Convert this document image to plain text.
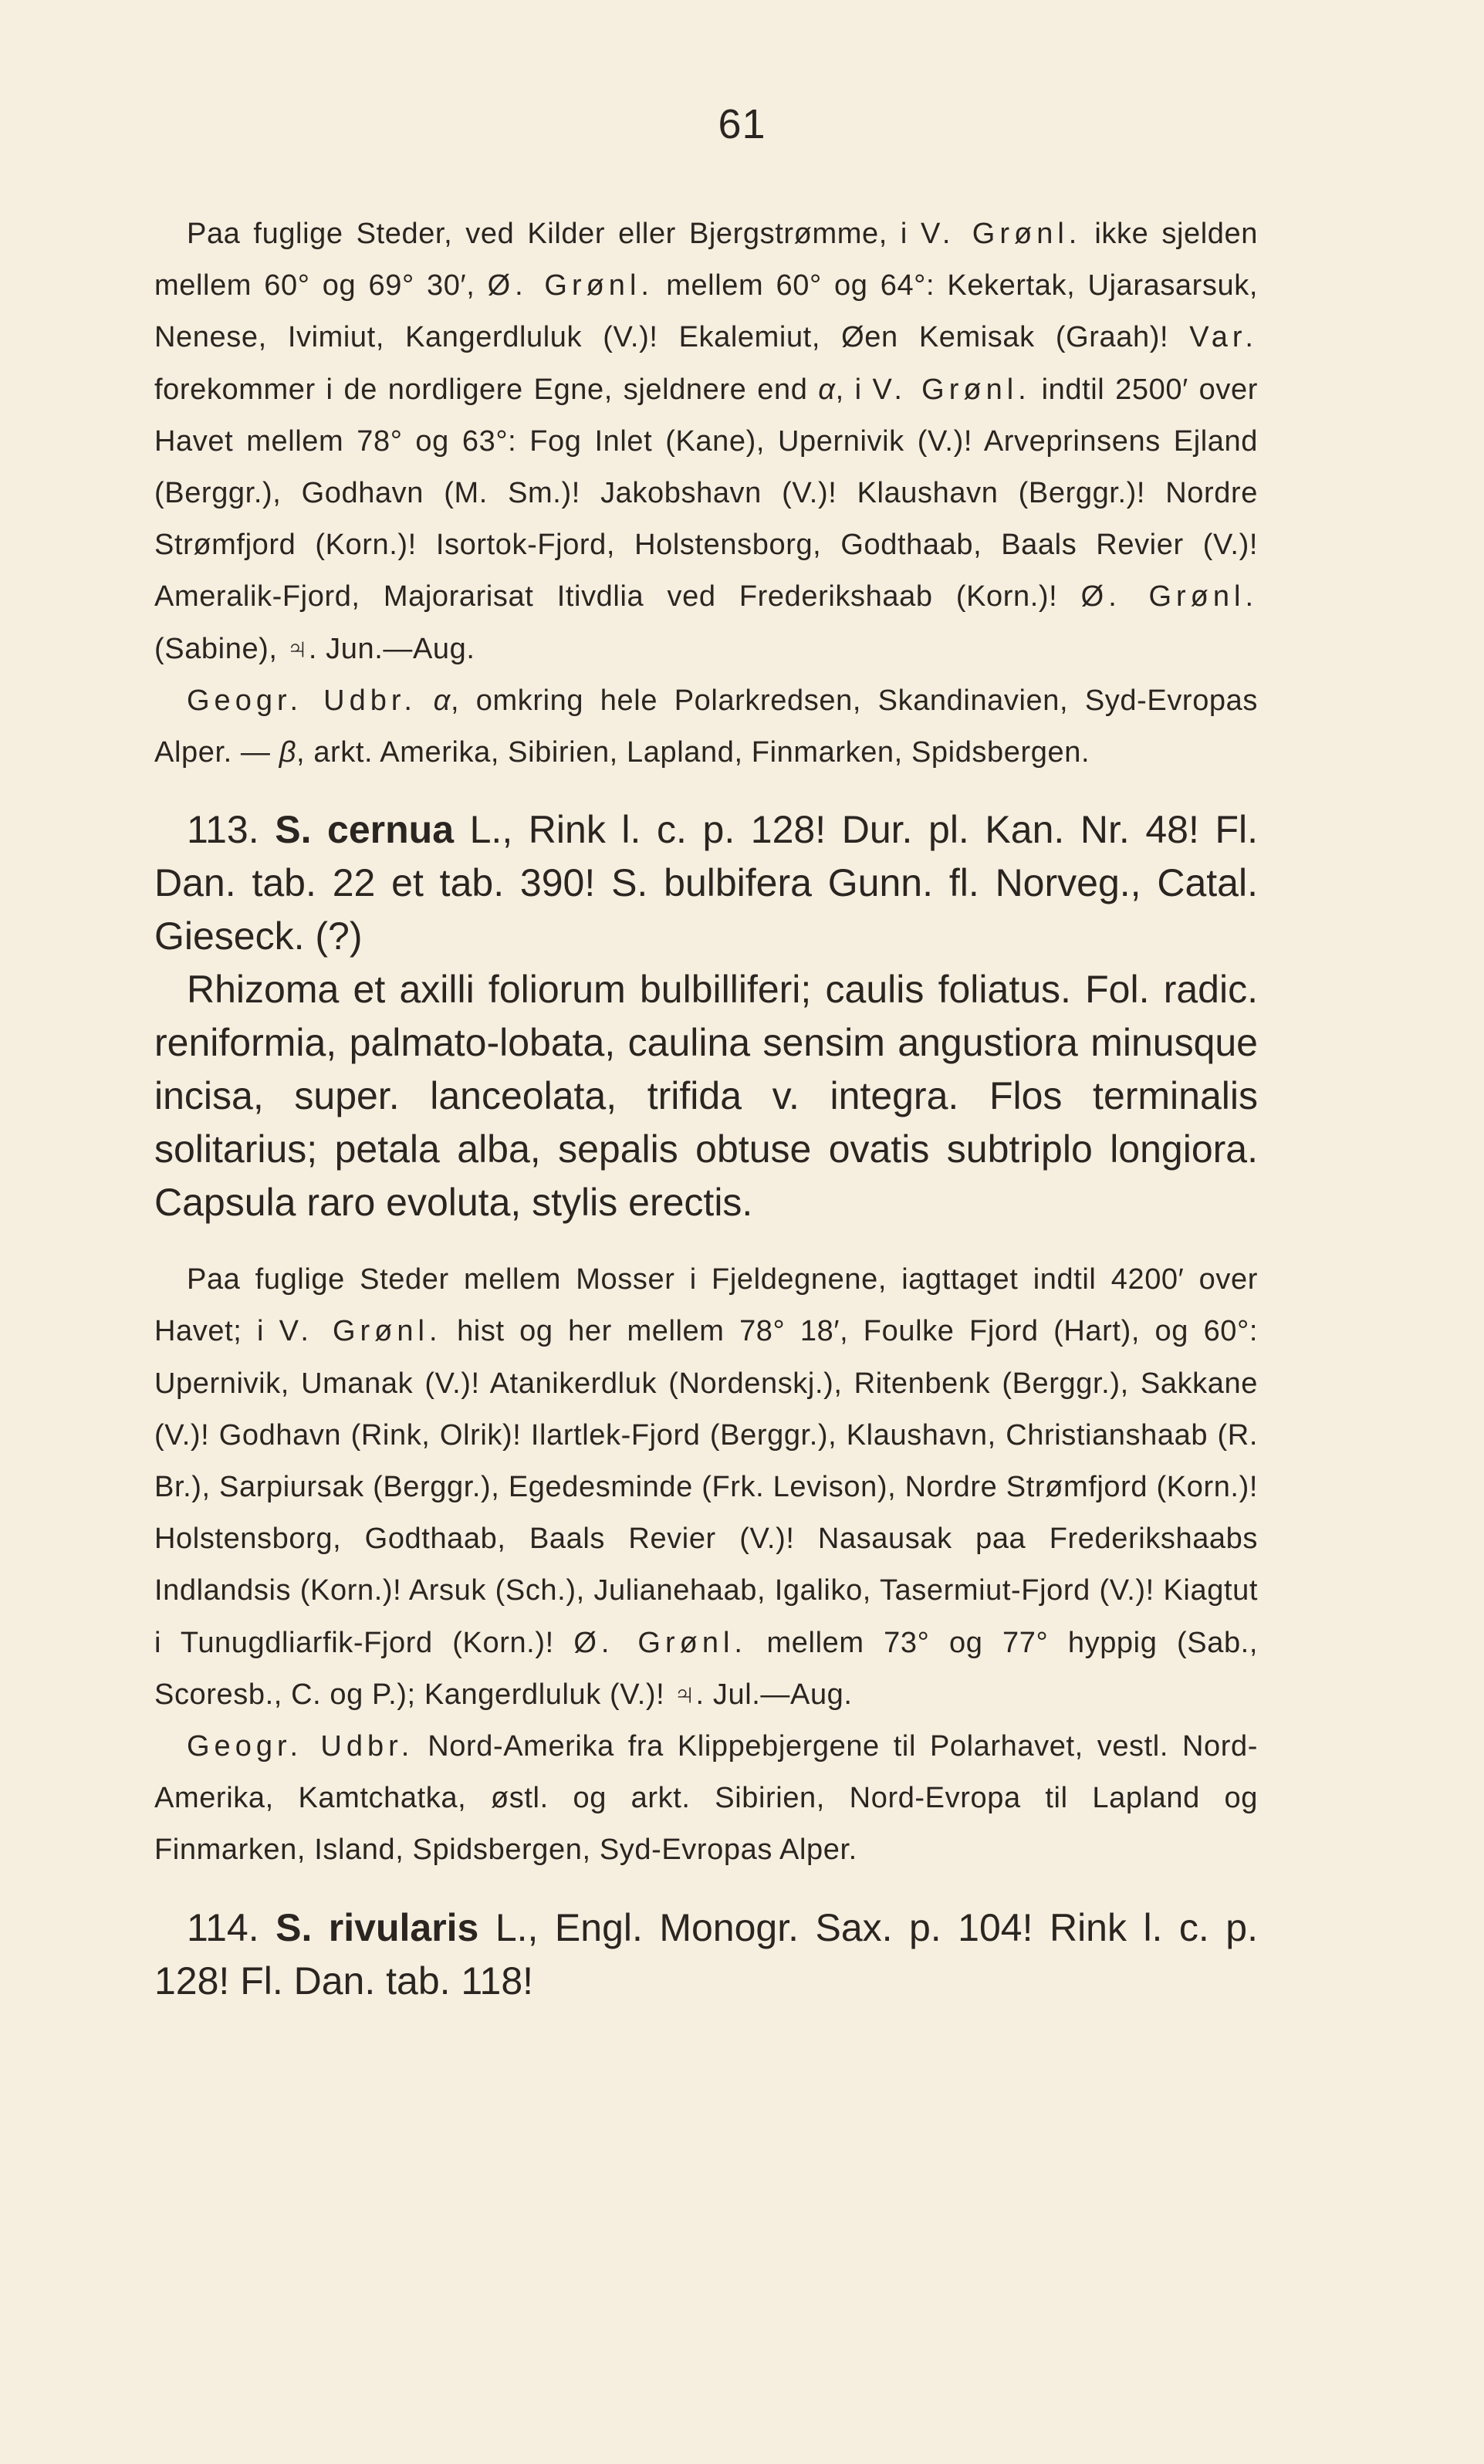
61

Paa fuglige Steder, ved Kilder eller Bjergstrømme, i V. Grønl. ikke sjelden mellem 60° og 69° 30′, Ø. Grønl. mellem 60° og 64°: Kekertak, Ujarasarsuk, Nenese, Ivimiut, Kangerdluluk (V.)! Ekalemiut, Øen Kemisak (Graah)! Var. forekommer i de nordligere Egne, sjeldnere end α, i V. Grønl. indtil 2500′ over Havet mellem 78° og 63°: Fog Inlet (Kane), Upernivik (V.)! Arveprinsens Ejland (Berggr.), Godhavn (M. Sm.)! Jakobshavn (V.)! Klaushavn (Berggr.)! Nordre Strømfjord (Korn.)! Isortok-Fjord, Holstensborg, Godthaab, Baals Revier (V.)! Ameralik-Fjord, Majorarisat Itivdlia ved Frederikshaab (Korn.)! Ø. Grønl. (Sabine), ♃. Jun.—Aug.

Geogr. Udbr. α, omkring hele Polarkredsen, Skandinavien, Syd-Evropas Alper. — β, arkt. Amerika, Sibirien, Lapland, Finmarken, Spidsbergen.

113. S. cernua L., Rink l. c. p. 128! Dur. pl. Kan. Nr. 48! Fl. Dan. tab. 22 et tab. 390! S. bulbifera Gunn. fl. Norveg., Catal. Gieseck. (?)

Rhizoma et axilli foliorum bulbilliferi; caulis foliatus. Fol. radic. reniformia, palmato-lobata, caulina sensim angustiora minusque incisa, super. lanceolata, trifida v. integra. Flos terminalis solitarius; petala alba, sepalis obtuse ovatis subtriplo longiora. Capsula raro evoluta, stylis erectis.

Paa fuglige Steder mellem Mosser i Fjeldegnene, iagttaget indtil 4200′ over Havet; i V. Grønl. hist og her mellem 78° 18′, Foulke Fjord (Hart), og 60°: Upernivik, Umanak (V.)! Atanikerdluk (Nordenskj.), Ritenbenk (Berggr.), Sakkane (V.)! Godhavn (Rink, Olrik)! Ilartlek-Fjord (Berggr.), Klaushavn, Christianshaab (R. Br.), Sarpiursak (Berggr.), Egedesminde (Frk. Levison), Nordre Strømfjord (Korn.)! Holstensborg, Godthaab, Baals Revier (V.)! Nasausak paa Frederikshaabs Indlandsis (Korn.)! Arsuk (Sch.), Julianehaab, Igaliko, Tasermiut-Fjord (V.)! Kiagtut i Tunugdliarfik-Fjord (Korn.)! Ø. Grønl. mellem 73° og 77° hyppig (Sab., Scoresb., C. og P.); Kangerdluluk (V.)! ♃. Jul.—Aug.

Geogr. Udbr. Nord-Amerika fra Klippebjergene til Polarhavet, vestl. Nord-Amerika, Kamtchatka, østl. og arkt. Sibirien, Nord-Evropa til Lapland og Finmarken, Island, Spidsbergen, Syd-Evropas Alper.

114. S. rivularis L., Engl. Monogr. Sax. p. 104! Rink l. c. p. 128! Fl. Dan. tab. 118!
